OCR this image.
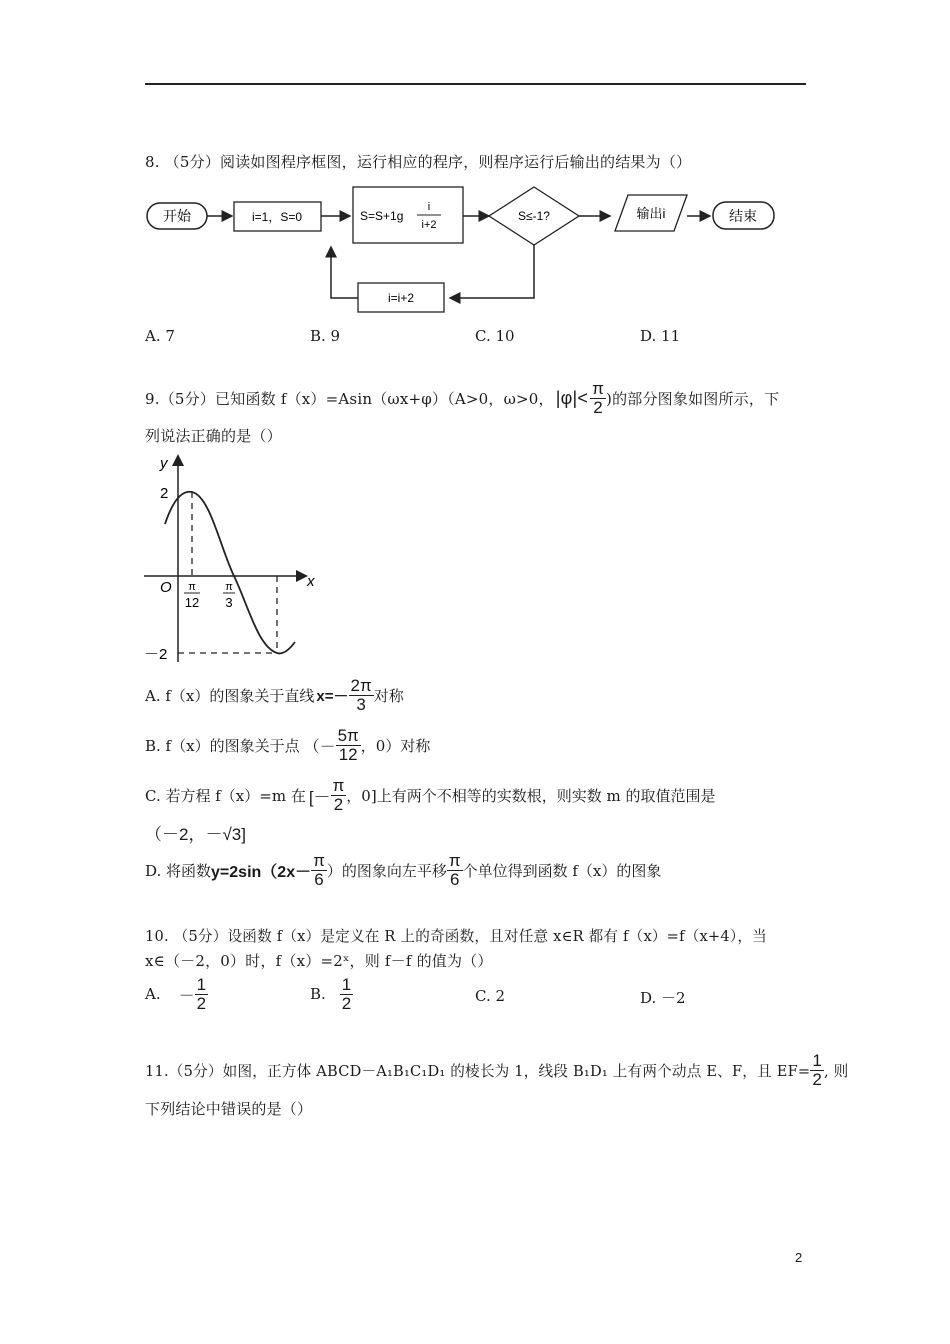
8. （5分）阅读如图程序框图，运行相应的程序，则程序运行后输出的结果为（）
开始	i=1，S=0	S=S+1g
i
i+2
S≤-1?	输出i	结束
i=i+2
A. 7	B. 9	C. 10	D. 11
9.（5分）已知函数 f（x）=Asin（ωx+φ）（A>0，ω>0， $|\varphi|< \frac{\pi}{2}$ )的部分图象如图所示，下
列说法正确的是（）
y
x
O
2
－2
π
12
π
3
A. f（x）的图象关于直线 $x=- \frac{2\pi}{3}$ 对称
B. f（x）的图象关于点 （－ $\frac{5\pi}{12}$ ，0）对称
C. 若方程 f（x）=m 在 [－ $\frac{\pi}{2}$ ，0]上有两个不相等的实数根，则实数 m 的取值范围是
（－2，－√3]
D. 将函数 $y=2\sin(2x- \frac{\pi}{6}$ ）的图象向左平移 $\frac{\pi}{6}$ 个单位得到函数 f（x）的图象
10. （5分）设函数 f（x）是定义在 R 上的奇函数，且对任意 x∈R 都有 f（x）=f（x+4），当
x∈（－2，0）时，f（x）=2ˣ，则 f－f 的值为（）
A. － $\frac{1}{2}$	B. $\frac{1}{2}$	C. 2	D. －2
11.（5分）如图，正方体 ABCD－A₁B₁C₁D₁ 的棱长为 1，线段 B₁D₁ 上有两个动点 E、F，且 $EF= \frac{1}{2}$ , 则
下列结论中错误的是（）
2
